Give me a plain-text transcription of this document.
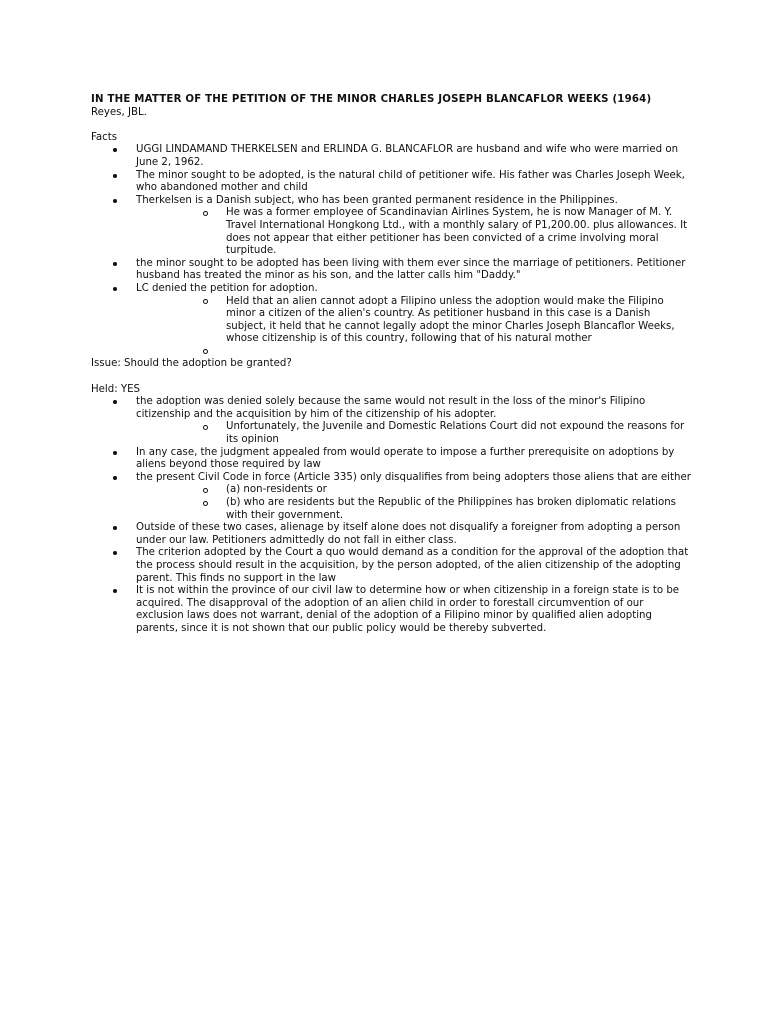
IN THE MATTER OF THE PETITION OF THE MINOR CHARLES JOSEPH BLANCAFLOR WEEKS (1964)
Reyes, JBL.
Facts
UGGI LINDAMAND THERKELSEN and ERLINDA G. BLANCAFLOR are husband and wife who were married on June 2, 1962.
The minor sought to be adopted, is the natural child of petitioner wife. His father was Charles Joseph Week, who abandoned mother and child
Therkelsen is a Danish subject, who has been granted permanent residence in the Philippines.
He was a former employee of Scandinavian Airlines System, he is now Manager of M. Y. Travel International Hongkong Ltd., with a monthly salary of P1,200.00. plus allowances. It does not appear that either petitioner has been convicted of a crime involving moral turpitude.
the minor sought to be adopted has been living with them ever since the marriage of petitioners. Petitioner husband has treated the minor as his son, and the latter calls him "Daddy."
LC denied the petition for adoption.
Held that an alien cannot adopt a Filipino unless the adoption would make the Filipino minor a citizen of the alien's country. As petitioner husband in this case is a Danish subject, it held that he cannot legally adopt the minor Charles Joseph Blancaflor Weeks, whose citizenship is of this country, following that of his natural mother
Issue: Should the adoption be granted?
Held: YES
the adoption was denied solely because the same would not result in the loss of the minor's Filipino citizenship and the acquisition by him of the citizenship of his adopter.
Unfortunately, the Juvenile and Domestic Relations Court did not expound the reasons for its opinion
In any case, the judgment appealed from would operate to impose a further prerequisite on adoptions by aliens beyond those required by law
the present Civil Code in force (Article 335) only disqualifies from being adopters those aliens that are either
(a) non-residents or
(b) who are residents but the Republic of the Philippines has broken diplomatic relations with their government.
Outside of these two cases, alienage by itself alone does not disqualify a foreigner from adopting a person under our law. Petitioners admittedly do not fall in either class.
The criterion adopted by the Court a quo would demand as a condition for the approval of the adoption that the process should result in the acquisition, by the person adopted, of the alien citizenship of the adopting parent. This finds no support in the law
It is not within the province of our civil law to determine how or when citizenship in a foreign state is to be acquired. The disapproval of the adoption of an alien child in order to forestall circumvention of our exclusion laws does not warrant, denial of the adoption of a Filipino minor by qualified alien adopting parents, since it is not shown that our public policy would be thereby subverted.
